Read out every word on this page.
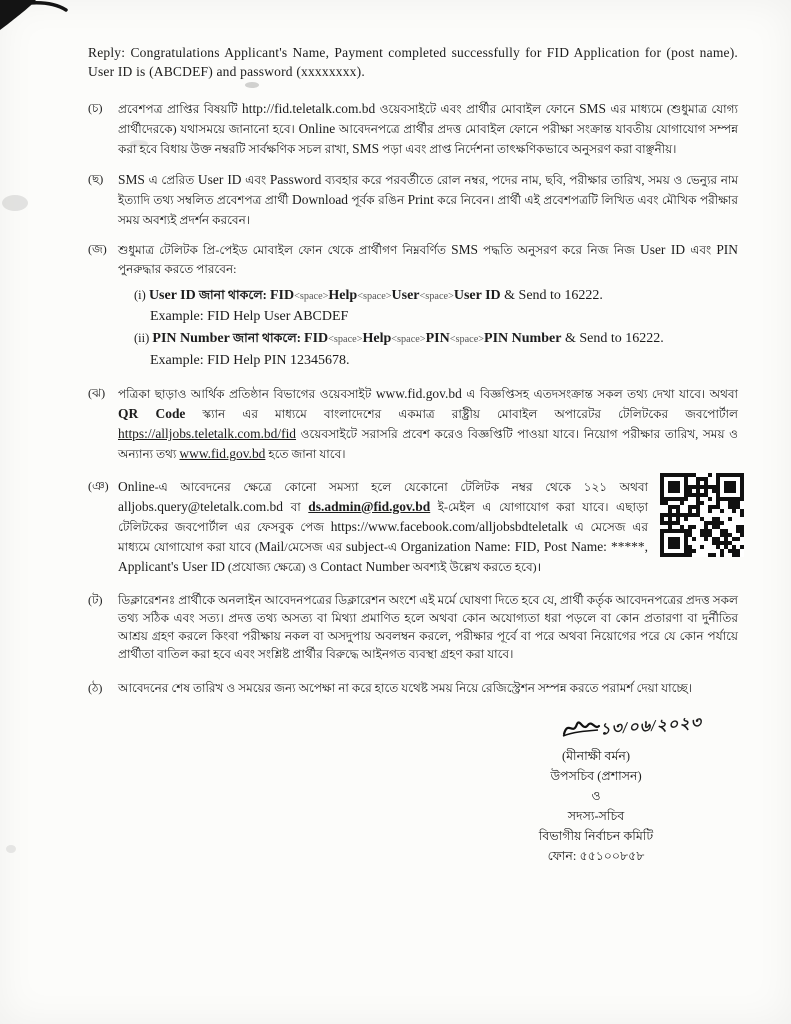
Reply: Congratulations Applicant's Name, Payment completed successfully for FID Application for (post name). User ID is (ABCDEF) and password (xxxxxxxx).

(চ)	প্রবেশপত্র প্রাপ্তির বিষয়টি http://fid.teletalk.com.bd ওয়েবসাইটে এবং প্রার্থীর মোবাইল ফোনে SMS এর মাধ্যমে (শুধুমাত্র যোগ্য প্রার্থীদেরকে) যথাসময়ে জানানো হবে। Online আবেদনপত্রে প্রার্থীর প্রদত্ত মোবাইল ফোনে পরীক্ষা সংক্রান্ত যাবতীয় যোগাযোগ সম্পন্ন করা হবে বিধায় উক্ত নম্বরটি সার্বক্ষণিক সচল রাখা, SMS পড়া এবং প্রাপ্ত নির্দেশনা তাৎক্ষণিকভাবে অনুসরণ করা বাঞ্ছনীয়।
(ছ)	SMS এ প্রেরিত User ID এবং Password ব্যবহার করে পরবর্তীতে রোল নম্বর, পদের নাম, ছবি, পরীক্ষার তারিখ, সময় ও ভেন্যুর নাম ইত্যাদি তথ্য সম্বলিত প্রবেশপত্র প্রার্থী Download পূর্বক রঙিন Print করে নিবেন। প্রার্থী এই প্রবেশপত্রটি লিখিত এবং মৌখিক পরীক্ষার সময় অবশ্যই প্রদর্শন করবেন।
(জ) শুধুমাত্র টেলিটক প্রি-পেইড মোবাইল ফোন থেকে প্রার্থীগণ নিম্নবর্ণিত SMS পদ্ধতি অনুসরণ করে নিজ নিজ User ID এবং PIN পুনরুদ্ধার করতে পারবেন:
(i) User ID জানা থাকলে: FID<space>Help<space>User<space>User ID & Send to 16222.
Example: FID Help User ABCDEF
(ii) PIN Number জানা থাকলে: FID<space>Help<space>PIN<space>PIN Number & Send to 16222.
Example: FID Help PIN 12345678.
(ঝ)	পত্রিকা ছাড়াও আর্থিক প্রতিষ্ঠান বিভাগের ওয়েবসাইট www.fid.gov.bd এ বিজ্ঞপ্তিসহ এতদসংক্রান্ত সকল তথ্য দেখা যাবে। অথবা QR Code স্ক্যান এর মাধ্যমে বাংলাদেশের একমাত্র রাষ্ট্রীয় মোবাইল অপারেটর টেলিটকের জবপোর্টাল https://alljobs.teletalk.com.bd/fid ওয়েবসাইটে সরাসরি প্রবেশ করেও বিজ্ঞপ্তিটি পাওয়া যাবে। নিয়োগ পরীক্ষার তারিখ, সময় ও অন্যান্য তথ্য www.fid.gov.bd হতে জানা যাবে।
(ঞ) Online-এ আবেদনের ক্ষেত্রে কোনো সমস্যা হলে যেকোনো টেলিটক নম্বর থেকে ১২১ অথবা alljobs.query@teletalk.com.bd বা ds.admin@fid.gov.bd ই-মেইল এ যোগাযোগ করা যাবে। এছাড়া টেলিটকের জবপোর্টাল এর ফেসবুক পেজ https://www.facebook.com/alljobsbdteletalk এ মেসেজ এর মাধ্যমে যোগাযোগ করা যাবে (Mail/মেসেজ এর subject-এ Organization Name: FID, Post Name: *****, Applicant's User ID (প্রযোজ্য ক্ষেত্রে) ও Contact Number অবশ্যই উল্লেখ করতে হবে)।
(ট)	ডিক্লারেশনঃ প্রার্থীকে অনলাইন আবেদনপত্রের ডিক্লারেশন অংশে এই মর্মে ঘোষণা দিতে হবে যে, প্রার্থী কর্তৃক আবেদনপত্রের প্রদত্ত সকল তথ্য সঠিক এবং সত্য। প্রদত্ত তথ্য অসত্য বা মিথ্যা প্রমাণিত হলে অথবা কোন অযোগ্যতা ধরা পড়লে বা কোন প্রতারণা বা দুর্নীতির আশ্রয় গ্রহণ করলে কিংবা পরীক্ষায় নকল বা অসদুপায় অবলম্বন করলে, পরীক্ষার পূর্বে বা পরে অথবা নিয়োগের পরে যে কোন পর্যায়ে প্রার্থীতা বাতিল করা হবে এবং সংশ্লিষ্ট প্রার্থীর বিরুদ্ধে আইনগত ব্যবস্থা গ্রহণ করা যাবে।
(ঠ)	আবেদনের শেষ তারিখ ও সময়ের জন্য অপেক্ষা না করে হাতে যথেষ্ট সময় নিয়ে রেজিস্ট্রেশন সম্পন্ন করতে পরামর্শ দেয়া যাচ্ছে।
১৩/০৬/২০২৩
(মীনাক্ষী বর্মন)
উপসচিব (প্রশাসন)
ও
সদস্য-সচিব
বিভাগীয় নির্বাচন কমিটি
ফোন: ৫৫১০০৮৫৮
